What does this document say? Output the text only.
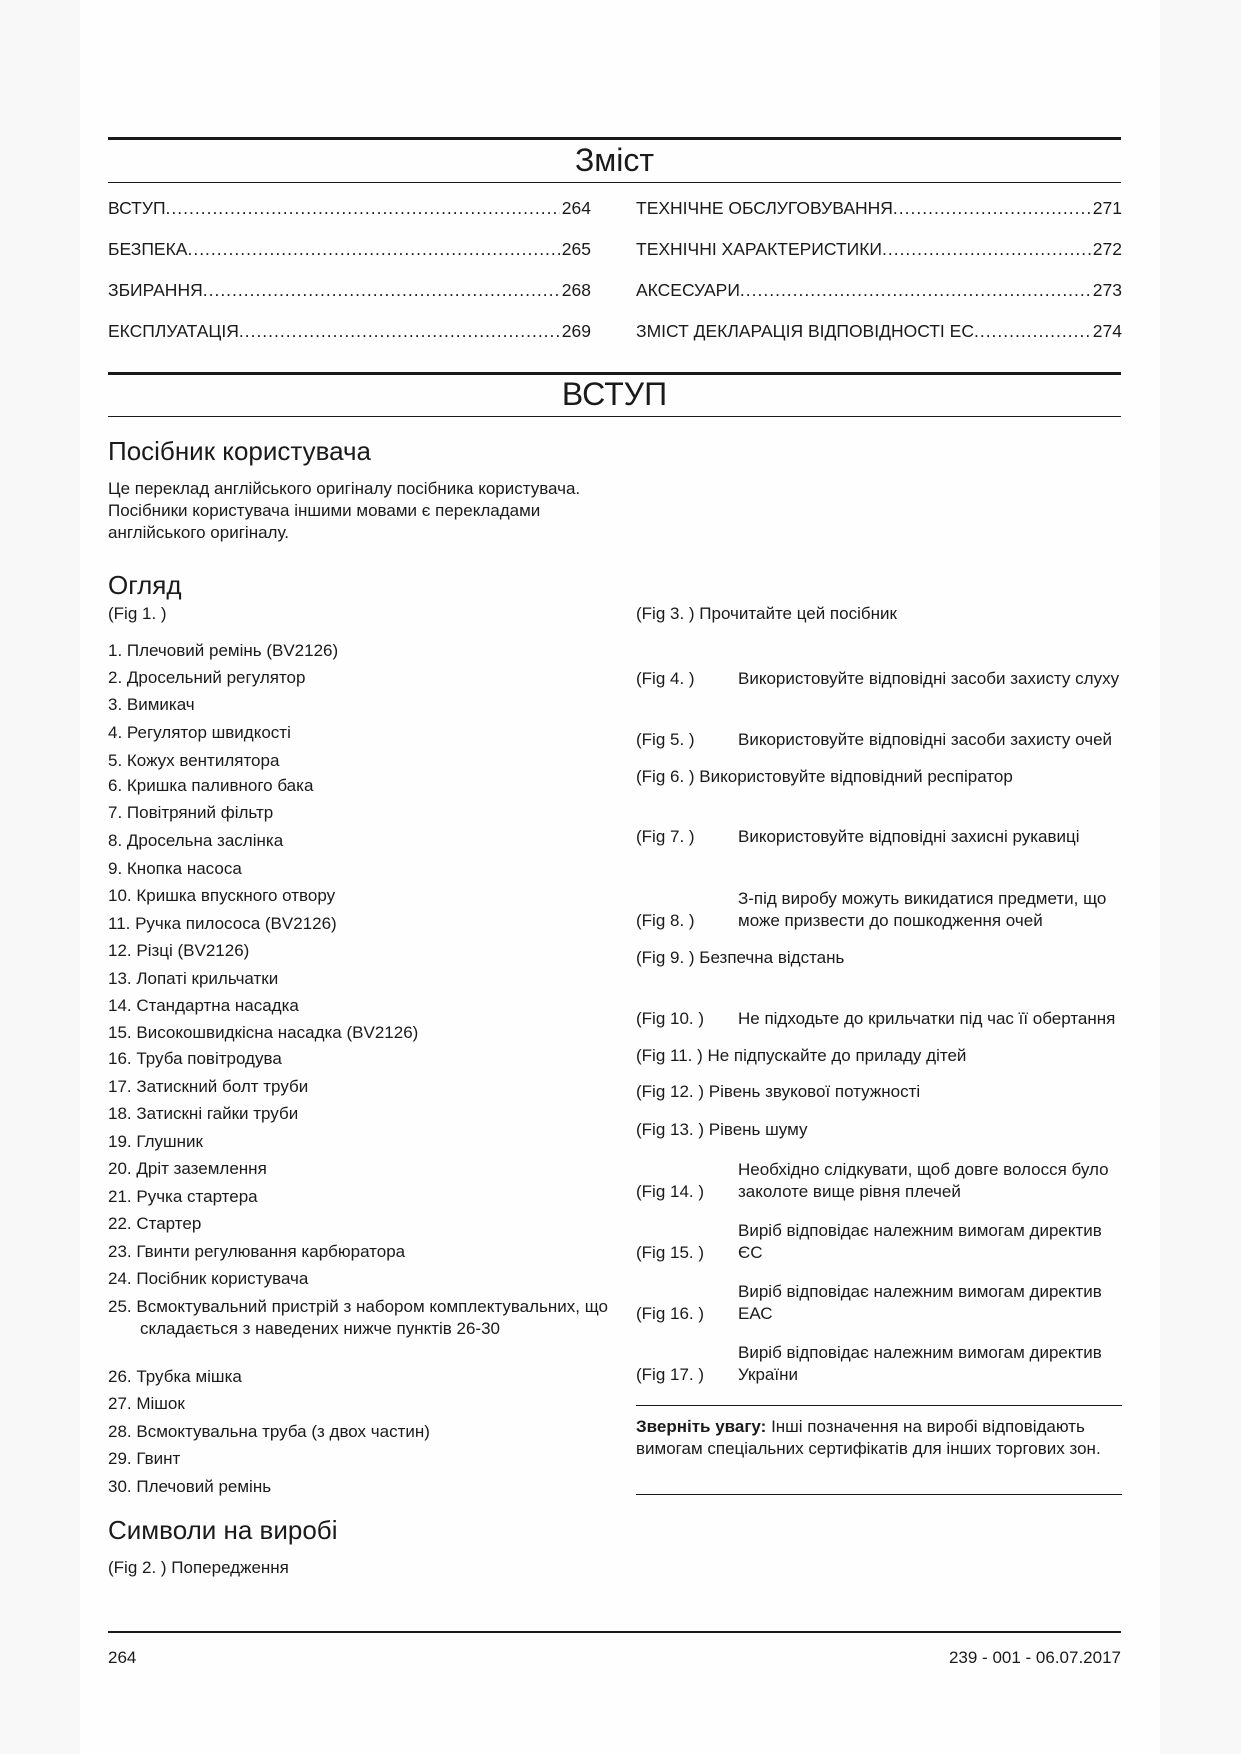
Зміст
ВСТУП .....	264
БЕЗПЕКА .....	265
ЗБИРАННЯ .....	268
ЕКСПЛУАТАЦІЯ .....	269
ТЕХНІЧНЕ ОБСЛУГОВУВАННЯ .....	271
ТЕХНІЧНІ ХАРАКТЕРИСТИКИ .....	272
АКСЕСУАРИ .....	273
ЗМІСТ ДЕКЛАРАЦІЯ ВІДПОВІДНОСТІ ЕС .....	274
ВСТУП
Посібник користувача
Це переклад англійського оригіналу посібника користувача. Посібники користувача іншими мовами є перекладами англійського оригіналу.
Огляд
(Fig 1. )
1. Плечовий ремінь (BV2126)
2. Дросельний регулятор
3. Вимикач
4. Регулятор швидкості
5. Кожух вентилятора
6. Кришка паливного бака
7. Повітряний фільтр
8. Дросельна заслінка
9. Кнопка насоса
10. Кришка впускного отвору
11. Ручка пилососа (BV2126)
12. Різці (BV2126)
13. Лопаті крильчатки
14. Стандартна насадка
15. Високошвидкісна насадка (BV2126)
16. Труба повітродува
17. Затискний болт труби
18. Затискні гайки труби
19. Глушник
20. Дріт заземлення
21. Ручка стартера
22. Стартер
23. Гвинти регулювання карбюратора
24. Посібник користувача
25. Всмоктувальний пристрій з набором комплектувальних, що складається з наведених нижче пунктів 26-30
26. Трубка мішка
27. Мішок
28. Всмоктувальна труба (з двох частин)
29. Гвинт
30. Плечовий ремінь
Символи на виробі
(Fig 2. ) Попередження
(Fig 3. ) Прочитайте цей посібник
(Fig 4. )	Використовуйте відповідні засоби захисту слуху
(Fig 5. )	Використовуйте відповідні засоби захисту очей
(Fig 6. ) Використовуйте відповідний респіратор
(Fig 7. )	Використовуйте відповідні захисні рукавиці
(Fig 8. )
З-під виробу можуть викидатися предмети, що може призвести до пошкодження очей
(Fig 9. ) Безпечна відстань
(Fig 10. ) Не підходьте до крильчатки під час її обертання
(Fig 11. ) Не підпускайте до приладу дітей
(Fig 12. ) Рівень звукової потужності
(Fig 13. ) Рівень шуму
(Fig 14. )
Необхідно слідкувати, щоб довге волосся було заколоте вище рівня плечей
(Fig 15. )
Виріб відповідає належним вимогам директив ЄС
(Fig 16. )
Виріб відповідає належним вимогам директив ЕАС
(Fig 17. )
Виріб відповідає належним вимогам директив України
Зверніть увагу: Інші позначення на виробі відповідають вимогам спеціальних сертифікатів для інших торгових зон.
264	239 - 001 - 06.07.2017
